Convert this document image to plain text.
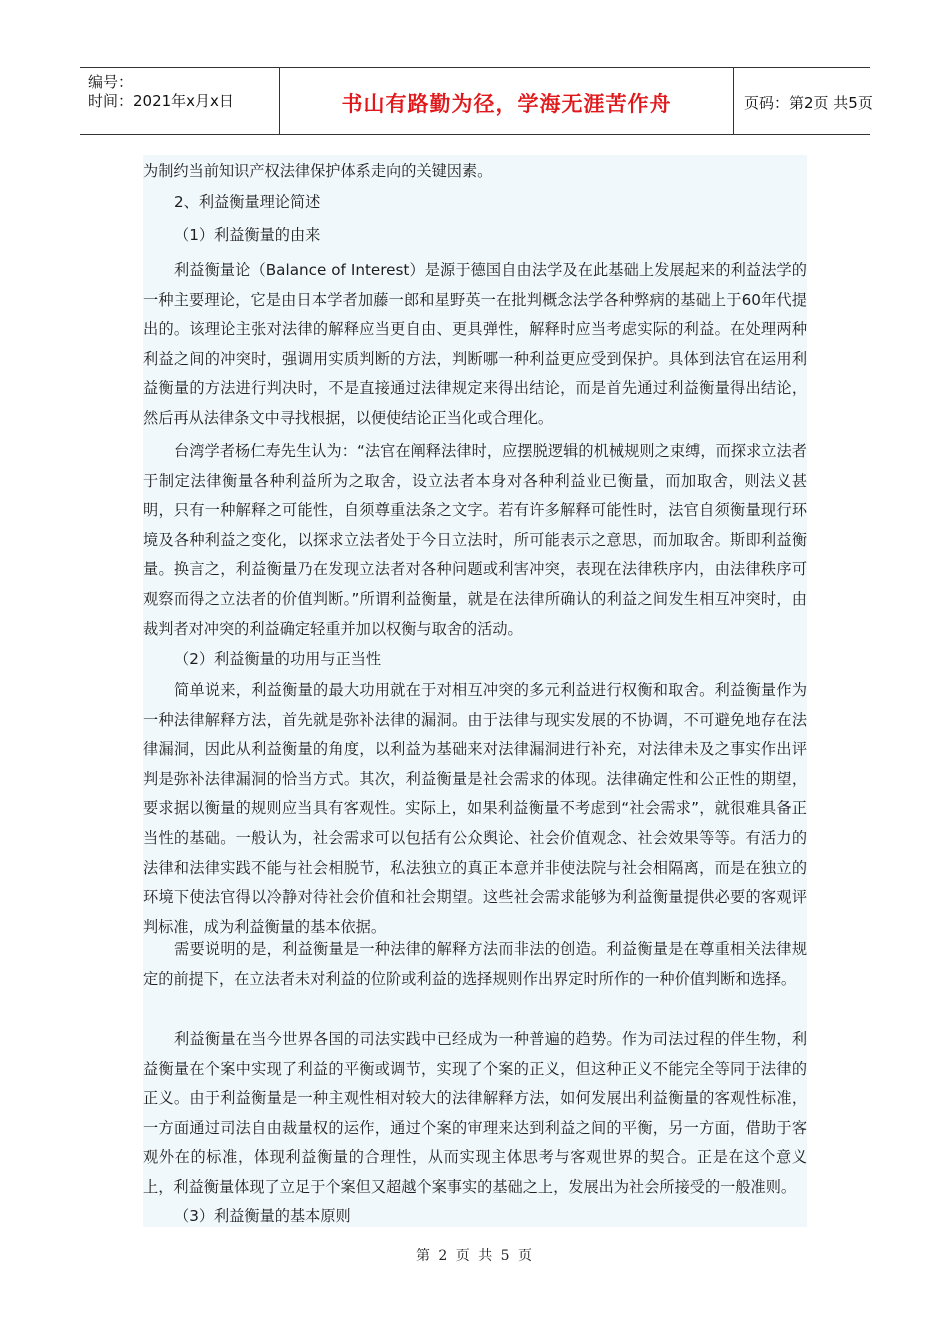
编号：
时间：2021年x月x日	书山有路勤为径，学海无涯苦作舟	页码：第2页 共5页

为制约当前知识产权法律保护体系走向的关键因素。

2、利益衡量理论简述

（1）利益衡量的由来

利益衡量论（Balance of Interest）是源于德国自由法学及在此基础上发展起来的利益法学的一种主要理论，它是由日本学者加藤一郎和星野英一在批判概念法学各种弊病的基础上于60年代提出的。该理论主张对法律的解释应当更自由、更具弹性，解释时应当考虑实际的利益。在处理两种利益之间的冲突时，强调用实质判断的方法，判断哪一种利益更应受到保护。具体到法官在运用利益衡量的方法进行判决时，不是直接通过法律规定来得出结论，而是首先通过利益衡量得出结论，然后再从法律条文中寻找根据，以便使结论正当化或合理化。

台湾学者杨仁寿先生认为：“法官在阐释法律时，应摆脱逻辑的机械规则之束缚，而探求立法者于制定法律衡量各种利益所为之取舍，设立法者本身对各种利益业已衡量，而加取舍，则法义甚明，只有一种解释之可能性，自须尊重法条之文字。若有许多解释可能性时，法官自须衡量现行环境及各种利益之变化，以探求立法者处于今日立法时，所可能表示之意思，而加取舍。斯即利益衡量。换言之，利益衡量乃在发现立法者对各种问题或利害冲突，表现在法律秩序内，由法律秩序可观察而得之立法者的价值判断。”所谓利益衡量，就是在法律所确认的利益之间发生相互冲突时，由裁判者对冲突的利益确定轻重并加以权衡与取舍的活动。

（2）利益衡量的功用与正当性

简单说来，利益衡量的最大功用就在于对相互冲突的多元利益进行权衡和取舍。利益衡量作为一种法律解释方法，首先就是弥补法律的漏洞。由于法律与现实发展的不协调，不可避免地存在法律漏洞，因此从利益衡量的角度，以利益为基础来对法律漏洞进行补充，对法律未及之事实作出评判是弥补法律漏洞的恰当方式。其次，利益衡量是社会需求的体现。法律确定性和公正性的期望，要求据以衡量的规则应当具有客观性。实际上，如果利益衡量不考虑到“社会需求”，就很难具备正当性的基础。一般认为，社会需求可以包括有公众舆论、社会价值观念、社会效果等等。有活力的法律和法律实践不能与社会相脱节，私法独立的真正本意并非使法院与社会相隔离，而是在独立的环境下使法官得以冷静对待社会价值和社会期望。这些社会需求能够为利益衡量提供必要的客观评判标准，成为利益衡量的基本依据。

需要说明的是，利益衡量是一种法律的解释方法而非法的创造。利益衡量是在尊重相关法律规定的前提下，在立法者未对利益的位阶或利益的选择规则作出界定时所作的一种价值判断和选择。

利益衡量在当今世界各国的司法实践中已经成为一种普遍的趋势。作为司法过程的伴生物，利益衡量在个案中实现了利益的平衡或调节，实现了个案的正义，但这种正义不能完全等同于法律的正义。由于利益衡量是一种主观性相对较大的法律解释方法，如何发展出利益衡量的客观性标准，一方面通过司法自由裁量权的运作，通过个案的审理来达到利益之间的平衡，另一方面，借助于客观外在的标准，体现利益衡量的合理性，从而实现主体思考与客观世界的契合。正是在这个意义上，利益衡量体现了立足于个案但又超越个案事实的基础之上，发展出为社会所接受的一般准则。

（3）利益衡量的基本原则

第 2 页 共 5 页
